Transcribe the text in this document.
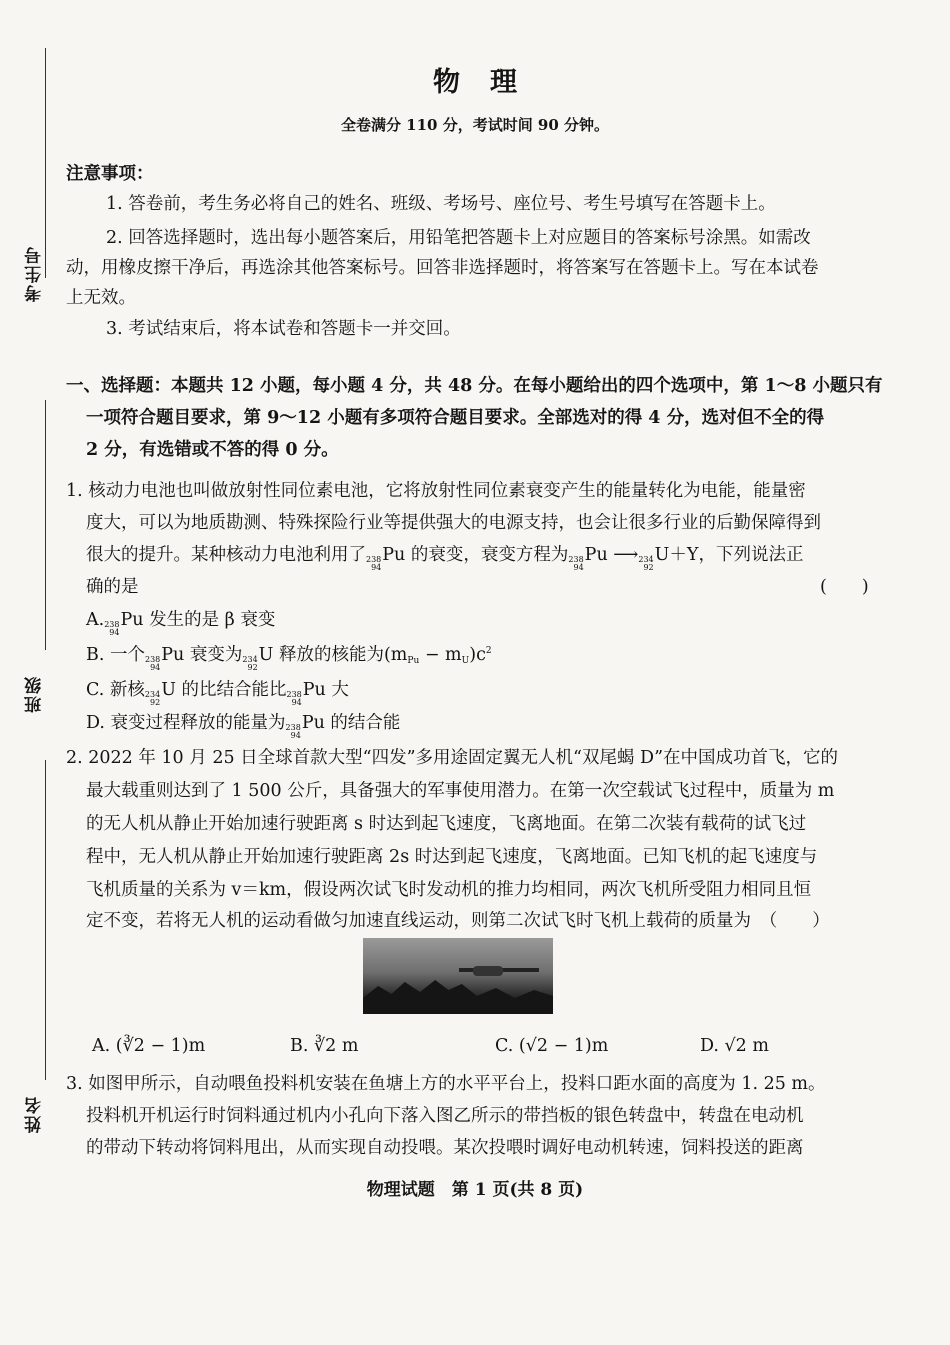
考生号
班级
姓名
物理
全卷满分 110 分，考试时间 90 分钟。
注意事项：
1. 答卷前，考生务必将自己的姓名、班级、考场号、座位号、考生号填写在答题卡上。
2. 回答选择题时，选出每小题答案后，用铅笔把答题卡上对应题目的答案标号涂黑。如需改
动，用橡皮擦干净后，再选涂其他答案标号。回答非选择题时，将答案写在答题卡上。写在本试卷
上无效。
3. 考试结束后，将本试卷和答题卡一并交回。
一、选择题：本题共 12 小题，每小题 4 分，共 48 分。在每小题给出的四个选项中，第 1～8 小题只有
一项符合题目要求，第 9～12 小题有多项符合题目要求。全部选对的得 4 分，选对但不全的得
2 分，有选错或不答的得 0 分。
1. 核动力电池也叫做放射性同位素电池，它将放射性同位素衰变产生的能量转化为电能，能量密
度大，可以为地质勘测、特殊探险行业等提供强大的电源支持，也会让很多行业的后勤保障得到
很大的提升。某种核动力电池利用了 238
94
Pu 的衰变，衰变方程为 238
94
Pu ⟶ 234
92
U＋Y，下列说法正
确的是	(　　)
A. 238
94
Pu 发生的是 β 衰变
B. 一个 238
94
Pu 衰变为 234
92
U 释放的核能为$(m_{Pu} - m_U)c^2$
C. 新核 234
92
U 的比结合能比 238
94
Pu 大
D. 衰变过程释放的能量为 238
94
Pu 的结合能
2. 2022 年 10 月 25 日全球首款大型“四发”多用途固定翼无人机“双尾蝎 D”在中国成功首飞，它的
最大载重则达到了 1 500 公斤，具备强大的军事使用潜力。在第一次空载试飞过程中，质量为 m
的无人机从静止开始加速行驶距离 s 时达到起飞速度，飞离地面。在第二次装有载荷的试飞过
程中，无人机从静止开始加速行驶距离 2s 时达到起飞速度，飞离地面。已知飞机的起飞速度与
飞机质量的关系为 v＝km，假设两次试飞时发动机的推力均相同，两次飞机所受阻力相同且恒
定不变，若将无人机的运动看做匀加速直线运动，则第二次试飞时飞机上载荷的质量为　（　　）
A. (∛2 − 1)m	B. ∛2 m	C. (√2 − 1)m	D. √2 m
3. 如图甲所示，自动喂鱼投料机安装在鱼塘上方的水平平台上，投料口距水面的高度为 1. 25 m。
投料机开机运行时饲料通过机内小孔向下落入图乙所示的带挡板的银色转盘中，转盘在电动机
的带动下转动将饲料甩出，从而实现自动投喂。某次投喂时调好电动机转速，饲料投送的距离
物理试题　第 1 页(共 8 页)
